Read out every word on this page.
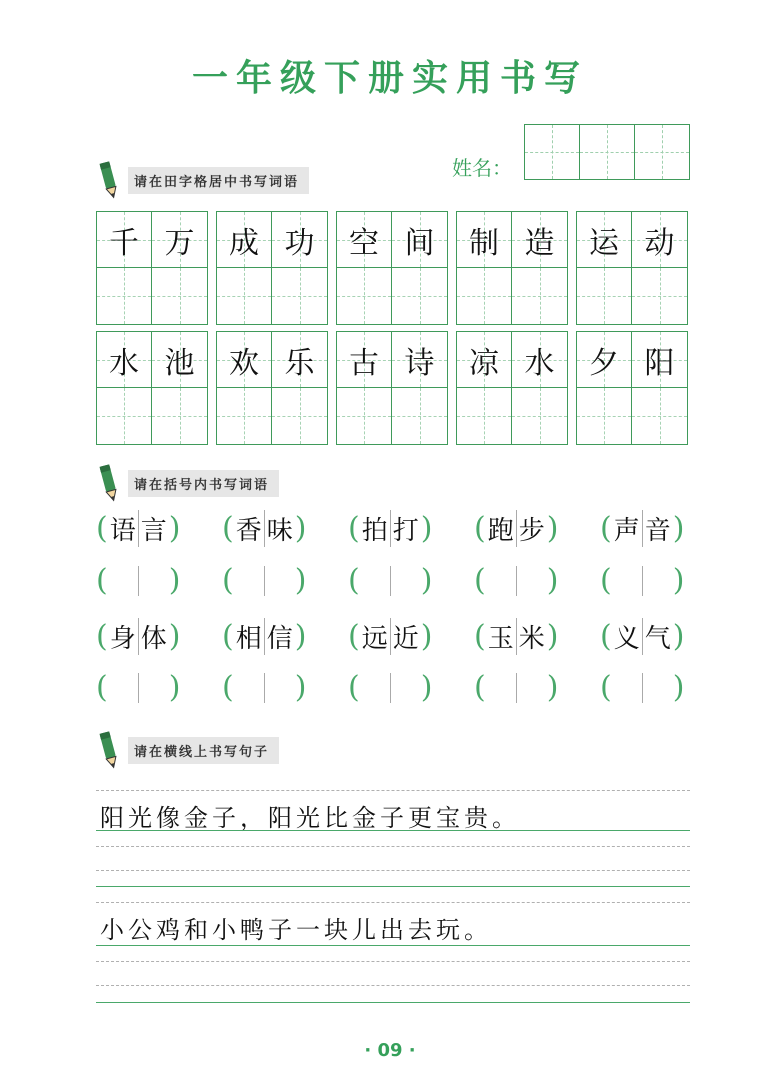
一年级下册实用书写
姓名：
请在田字格居中书写词语
千 万	成 功	空 间	制 造	运 动
水 池	欢 乐	古 诗	凉 水	夕 阳
请在括号内书写词语
( 语 言 ) ( 香 味 ) ( 拍 打 ) ( 跑 步 ) ( 声 音 )
( ) ( ) ( ) ( ) ( )
( 身 体 ) ( 相 信 ) ( 远 近 ) ( 玉 米 ) ( 义 气 )
( ) ( ) ( ) ( ) ( )
请在横线上书写句子
阳光像金子，阳光比金子更宝贵。
小公鸡和小鸭子一块儿出去玩。
· 09 ·
